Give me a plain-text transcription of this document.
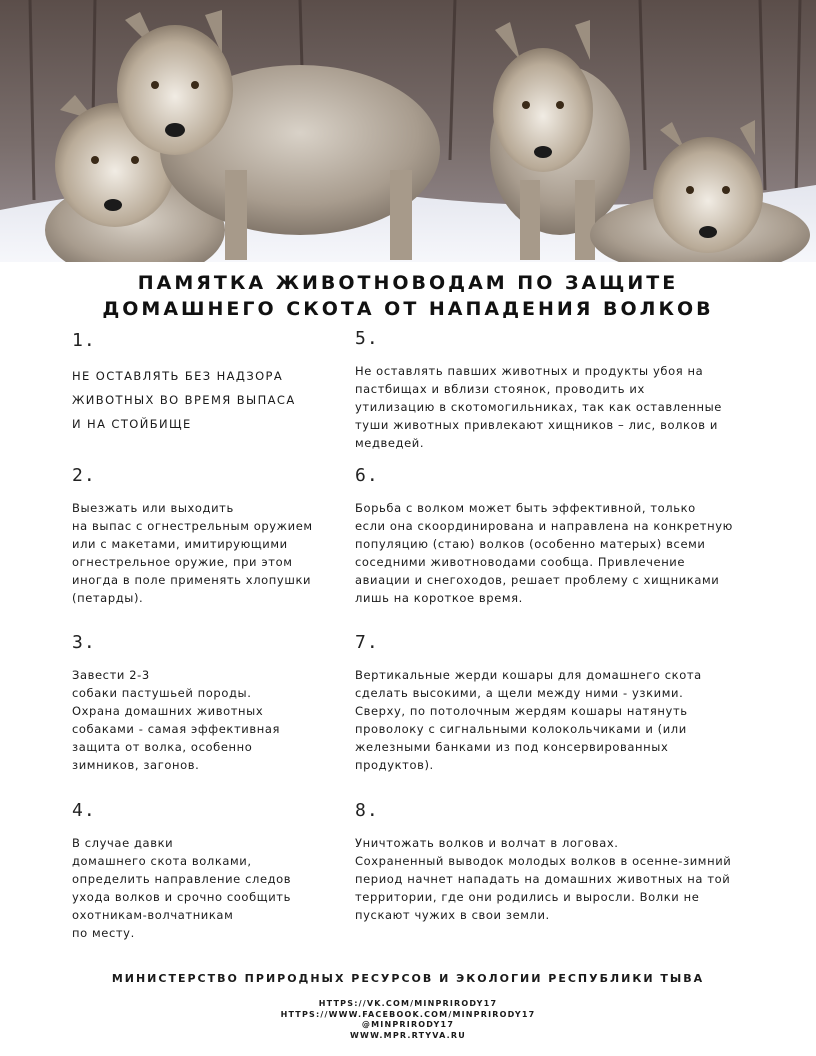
ПАМЯТКА ЖИВОТНОВОДАМ ПО ЗАЩИТЕ
ДОМАШНЕГО СКОТА ОТ НАПАДЕНИЯ ВОЛКОВ
1.
НЕ ОСТАВЛЯТЬ БЕЗ НАДЗОРА
ЖИВОТНЫХ ВО ВРЕМЯ ВЫПАСА
И НА СТОЙБИЩЕ
2.
Выезжать или выходить
на выпас с огнестрельным оружием
или с макетами, имитирующими
огнестрельное оружие, при этом
иногда в поле применять хлопушки
(петарды).
3.
Завести 2-3
собаки пастушьей породы.
Охрана домашних животных
собаками - самая эффективная
защита от волка, особенно
зимников, загонов.
4.
В случае давки
домашнего скота волками,
определить направление следов
ухода волков и срочно сообщить
охотникам-волчатникам
по месту.
5.
Не оставлять павших животных и продукты убоя на
пастбищах и вблизи стоянок, проводить их
утилизацию в скотомогильниках, так как оставленные
туши животных привлекают хищников – лис, волков и
медведей.
6.
Борьба с волком может быть эффективной, только
если она скоординирована и направлена на конкретную
популяцию (стаю) волков (особенно матерых) всеми
соседними животноводами сообща. Привлечение
авиации и снегоходов, решает проблему с хищниками
лишь на короткое время.
7.
Вертикальные жерди кошары для домашнего скота
сделать высокими, а щели между ними - узкими.
Сверху, по потолочным жердям кошары натянуть
проволоку с сигнальными колокольчиками и (или
железными банками из под консервированных
продуктов).
8.
Уничтожать волков и волчат в логовах.
Сохраненный выводок молодых волков в осенне-зимний
период начнет нападать на домашних животных на той
территории, где они родились и выросли. Волки не
пускают чужих в свои земли.
МИНИСТЕРСТВО ПРИРОДНЫХ РЕСУРСОВ И ЭКОЛОГИИ РЕСПУБЛИКИ ТЫВА
HTTPS://VK.COM/MINPRIRODY17
HTTPS://WWW.FACEBOOK.COM/MINPRIRODY17
@MINPRIRODY17
WWW.MPR.RTYVA.RU
